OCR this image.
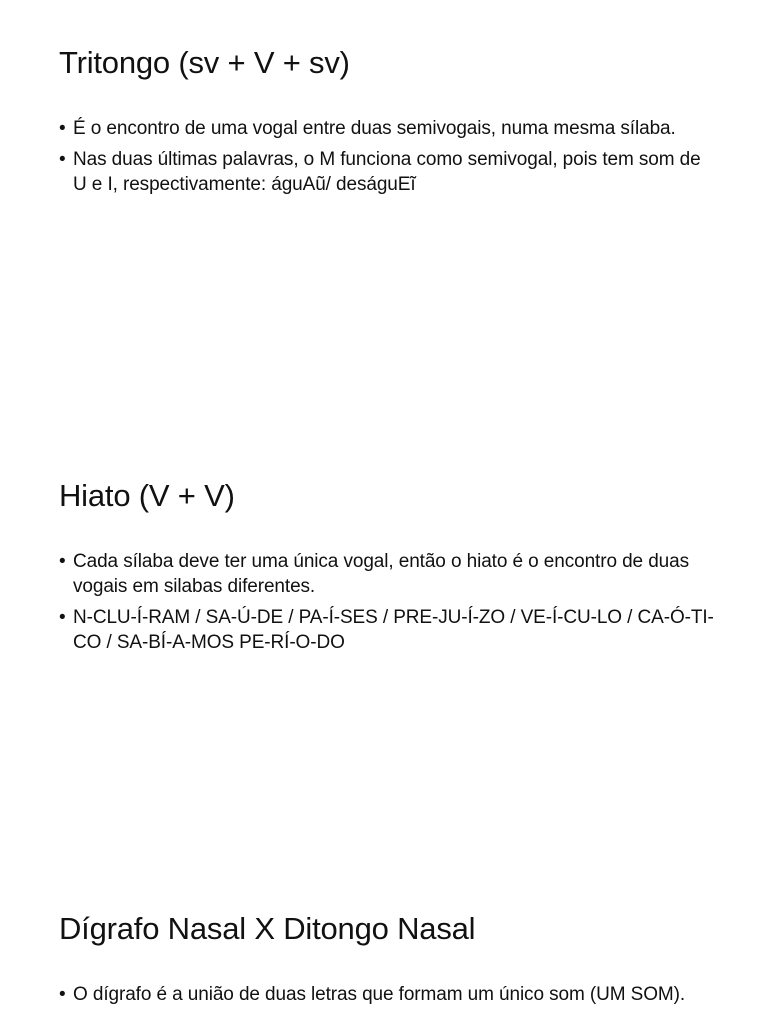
Tritongo (sv + V + sv)
• É o encontro de uma vogal entre duas semivogais, numa mesma sílaba.
• Nas duas últimas palavras, o M funciona como semivogal, pois tem som de U e I, respectivamente: águAũ/ deságuEĩ
Hiato (V + V)
• Cada sílaba deve ter uma única vogal, então o hiato é o encontro de duas vogais em silabas diferentes.
• N-CLU-Í-RAM / SA-Ú-DE / PA-Í-SES / PRE-JU-Í-ZO / VE-Í-CU-LO / CA-Ó-TI-CO / SA-BÍ-A-MOS PE-RÍ-O-DO
Dígrafo Nasal X Ditongo Nasal
• O dígrafo é a união de duas letras que formam um único som (UM SOM).
